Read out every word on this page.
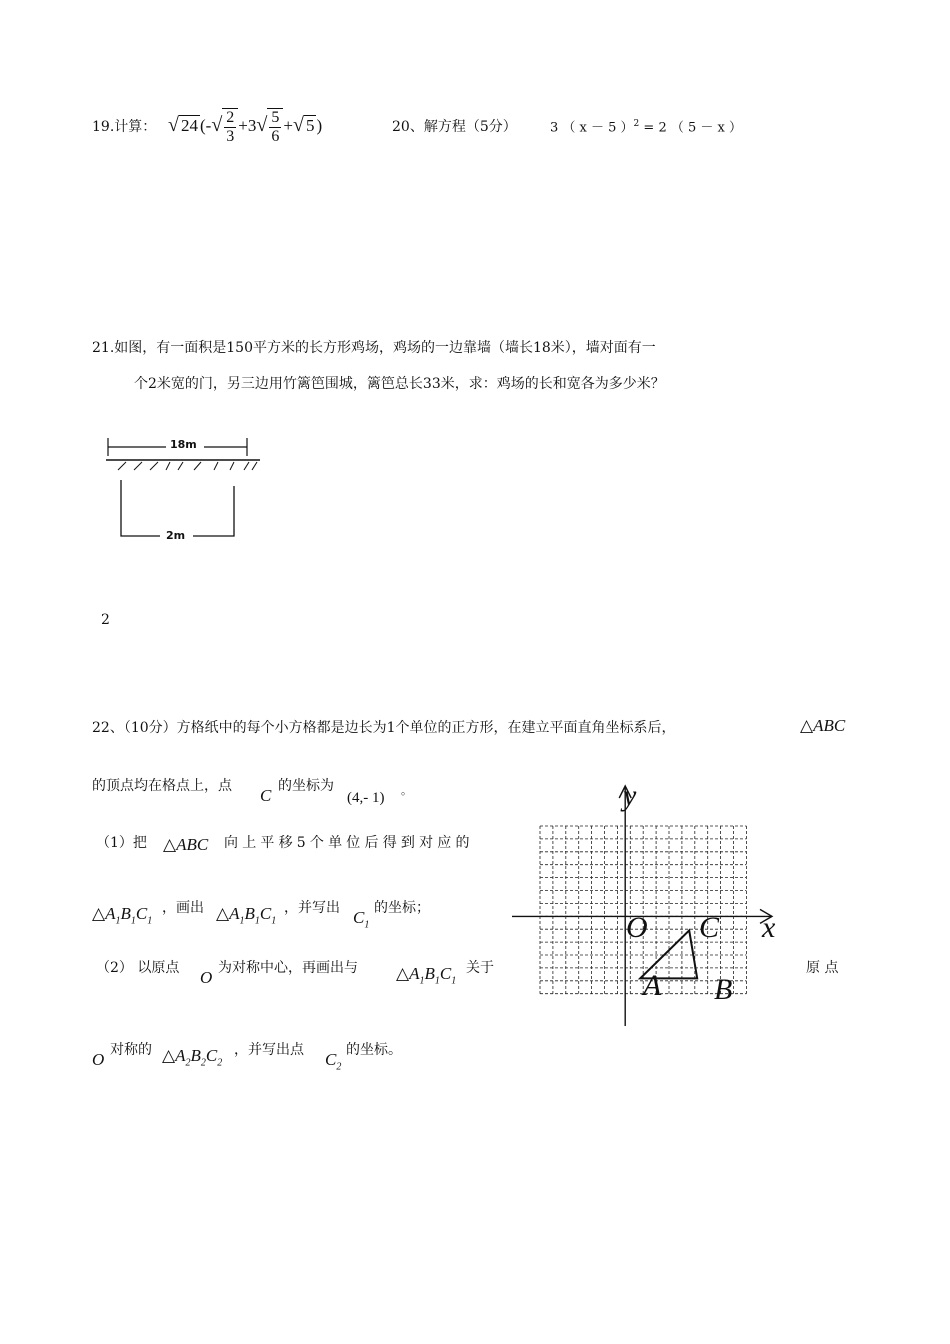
19.计算： √ 24 (-√ $\frac{2}{3} +3√ \frac{5}{6}$ +√ 5 )	20、解方程（5分）	3 （ x － 5 ）$^2$ = 2 （ 5 － x ）
21.如图，有一面积是150平方米的长方形鸡场，鸡场的一边靠墙（墙长18米），墙对面有一
个2米宽的门，另三边用竹篱笆围城，篱笆总长33米，求：鸡场的长和宽各为多少米？
18m
2m
2
22、（10分）方格纸中的每个小方格都是边长为1个单位的正方形，在建立平面直角坐标系后，	△ABC
的顶点均在格点上，点 C 的坐标为
(4,- 1) 。
（1）把 △ABC 向上平移5个单位后得到对应的
$\triangle A_1B_1C_1$
，画出 $\triangle A_1B_1C_1$
，并写出 $C_1$
的坐标；
（2） 以原点 O 为对称中心，再画出与 $\triangle A_1B_1C_1$
关于	原 点
O 对称的 $\triangle A_2B_2C_2$
，并写出点 $C_2$
的坐标。
y
x
O C
A B
